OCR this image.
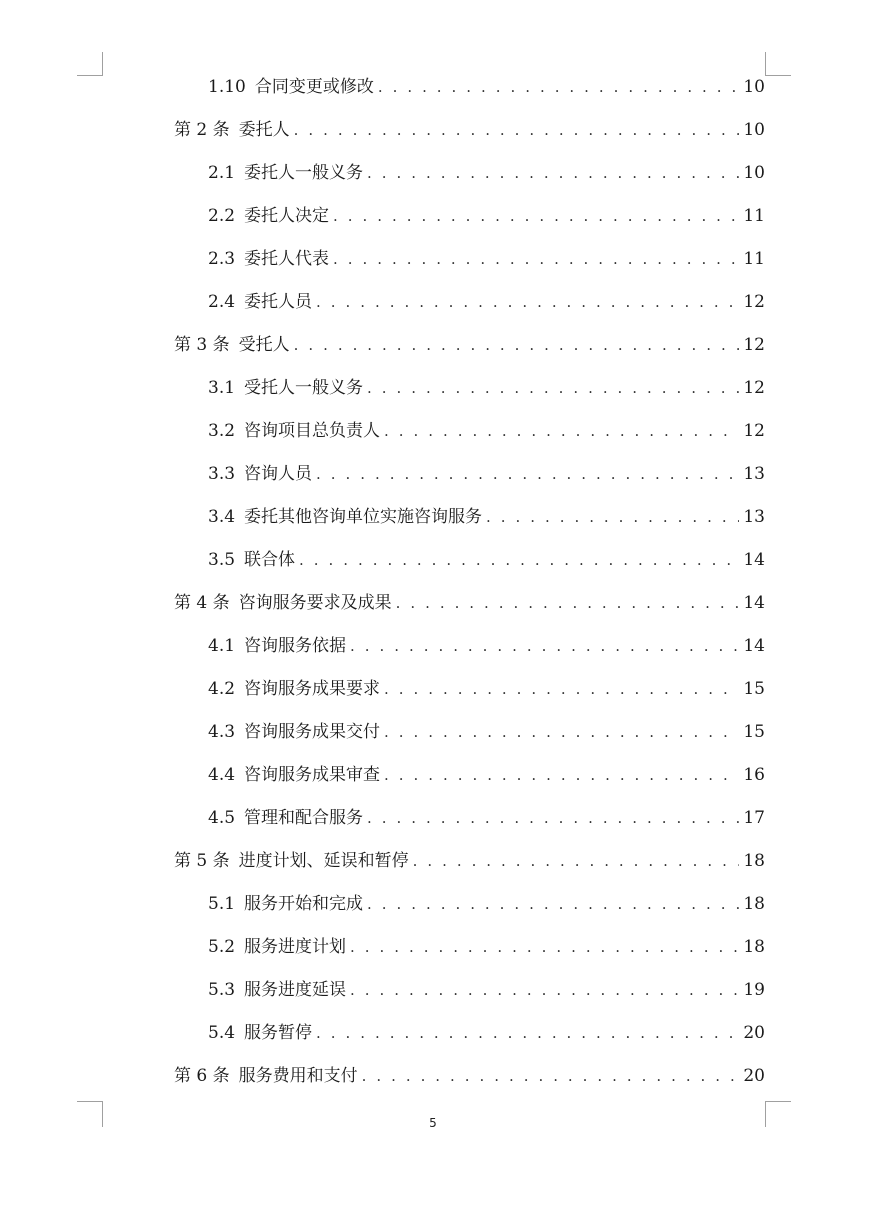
1.10 合同变更或修改 . . .	10
第 2 条 委托人 . . .	10
2.1 委托人一般义务 . . .	10
2.2 委托人决定 . . .	11
2.3 委托人代表 . . .	11
2.4 委托人员 . . .	12
第 3 条 受托人 . . .	12
3.1 受托人一般义务 . . .	12
3.2 咨询项目总负责人 . . .	12
3.3 咨询人员 . . .	13
3.4 委托其他咨询单位实施咨询服务 . . .	13
3.5 联合体 . . .	14
第 4 条 咨询服务要求及成果 . . .	14
4.1 咨询服务依据 . . .	14
4.2 咨询服务成果要求 . . .	15
4.3 咨询服务成果交付 . . .	15
4.4 咨询服务成果审查 . . .	16
4.5 管理和配合服务 . . .	17
第 5 条 进度计划、延误和暂停 . . .	18
5.1 服务开始和完成 . . .	18
5.2 服务进度计划 . . .	18
5.3 服务进度延误 . . .	19
5.4 服务暂停 . . .	20
第 6 条 服务费用和支付 . . .	20
5
